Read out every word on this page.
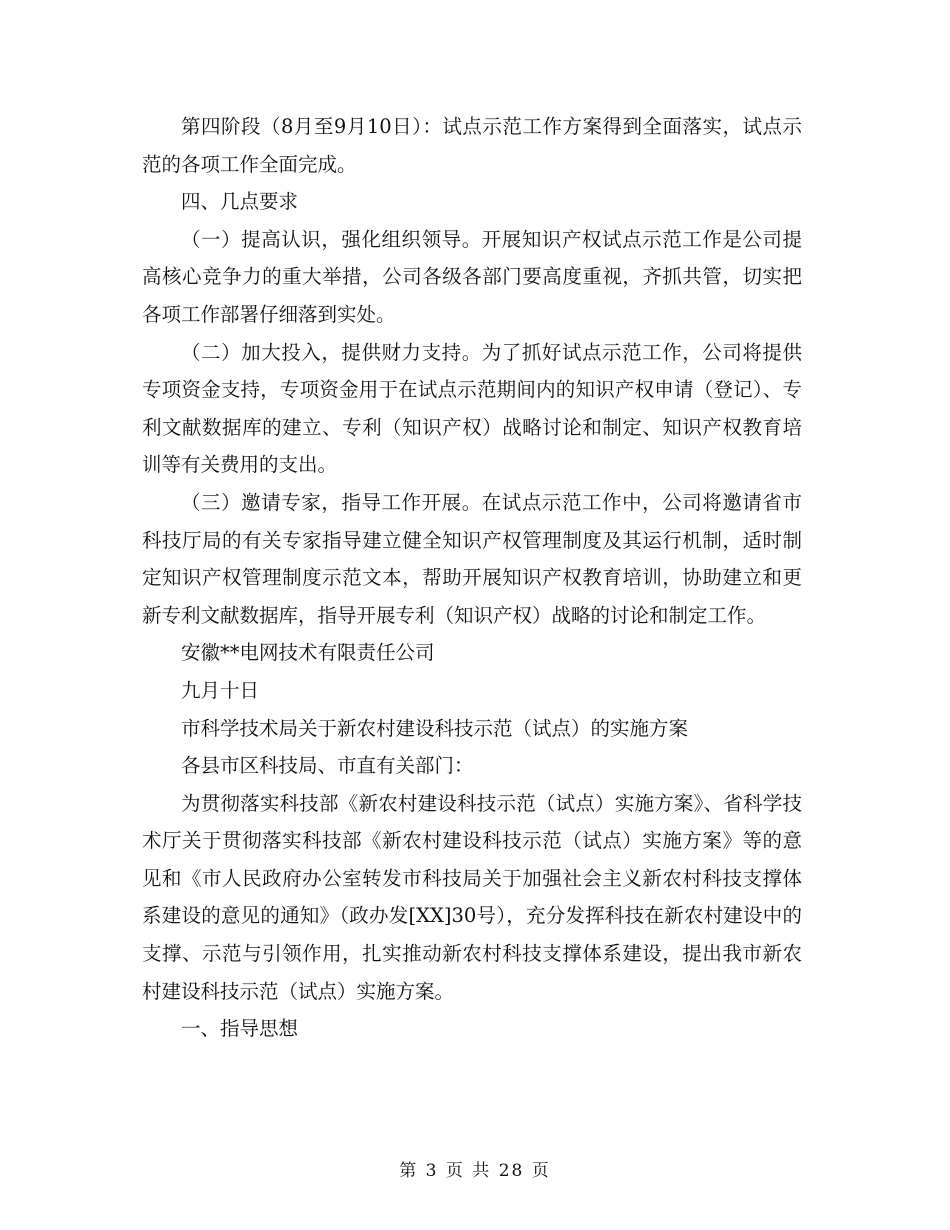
第四阶段（8月至9月10日）：试点示范工作方案得到全面落实，试点示范的各项工作全面完成。

四、几点要求

（一）提高认识，强化组织领导。开展知识产权试点示范工作是公司提高核心竞争力的重大举措，公司各级各部门要高度重视，齐抓共管，切实把各项工作部署仔细落到实处。

（二）加大投入，提供财力支持。为了抓好试点示范工作，公司将提供专项资金支持，专项资金用于在试点示范期间内的知识产权申请（登记）、专利文献数据库的建立、专利（知识产权）战略讨论和制定、知识产权教育培训等有关费用的支出。

（三）邀请专家，指导工作开展。在试点示范工作中，公司将邀请省市科技厅局的有关专家指导建立健全知识产权管理制度及其运行机制，适时制定知识产权管理制度示范文本，帮助开展知识产权教育培训，协助建立和更新专利文献数据库，指导开展专利（知识产权）战略的讨论和制定工作。

安徽**电网技术有限责任公司

九月十日

市科学技术局关于新农村建设科技示范（试点）的实施方案

各县市区科技局、市直有关部门：

为贯彻落实科技部《新农村建设科技示范（试点）实施方案》、省科学技术厅关于贯彻落实科技部《新农村建设科技示范（试点）实施方案》等的意见和《市人民政府办公室转发市科技局关于加强社会主义新农村科技支撑体系建设的意见的通知》（政办发[XX]30号），充分发挥科技在新农村建设中的支撑、示范与引领作用，扎实推动新农村科技支撑体系建设，提出我市新农村建设科技示范（试点）实施方案。

一、指导思想

第 3 页 共 28 页
